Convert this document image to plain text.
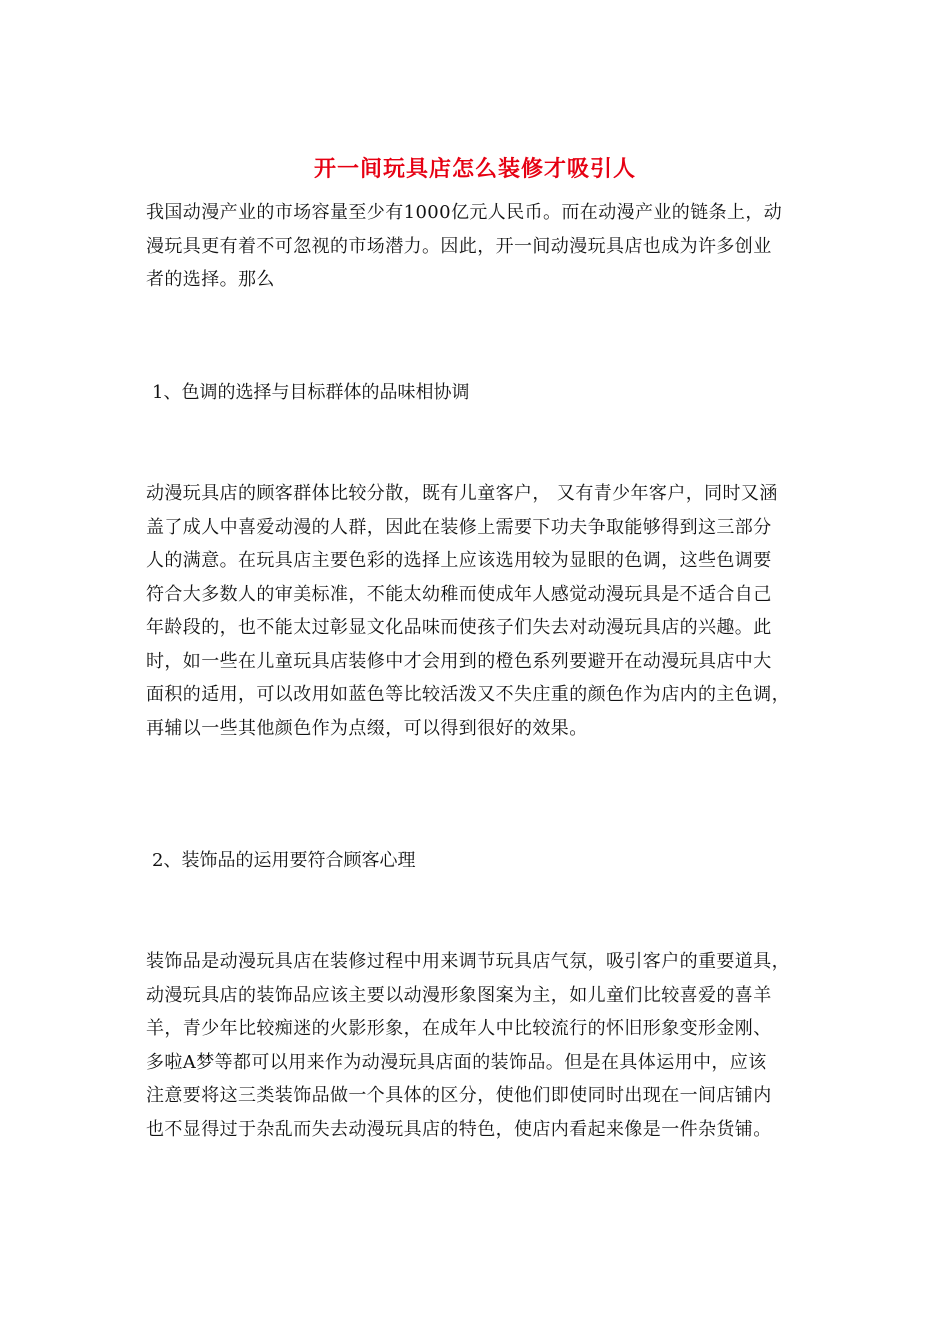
开一间玩具店怎么装修才吸引人
我国动漫产业的市场容量至少有1000亿元人民币。而在动漫产业的链条上，动
漫玩具更有着不可忽视的市场潜力。因此，开一间动漫玩具店也成为许多创业
者的选择。那么
1、色调的选择与目标群体的品味相协调
动漫玩具店的顾客群体比较分散，既有儿童客户， 又有青少年客户，同时又涵
盖了成人中喜爱动漫的人群，因此在装修上需要下功夫争取能够得到这三部分
人的满意。在玩具店主要色彩的选择上应该选用较为显眼的色调，这些色调要
符合大多数人的审美标准，不能太幼稚而使成年人感觉动漫玩具是不适合自己
年龄段的，也不能太过彰显文化品味而使孩子们失去对动漫玩具店的兴趣。此
时，如一些在儿童玩具店装修中才会用到的橙色系列要避开在动漫玩具店中大
面积的适用，可以改用如蓝色等比较活泼又不失庄重的颜色作为店内的主色调，
再辅以一些其他颜色作为点缀，可以得到很好的效果。
2、装饰品的运用要符合顾客心理
装饰品是动漫玩具店在装修过程中用来调节玩具店气氛，吸引客户的重要道具，
动漫玩具店的装饰品应该主要以动漫形象图案为主，如儿童们比较喜爱的喜羊
羊，青少年比较痴迷的火影形象，在成年人中比较流行的怀旧形象变形金刚、
多啦A梦等都可以用来作为动漫玩具店面的装饰品。但是在具体运用中，应该
注意要将这三类装饰品做一个具体的区分，使他们即使同时出现在一间店铺内
也不显得过于杂乱而失去动漫玩具店的特色，使店内看起来像是一件杂货铺。
